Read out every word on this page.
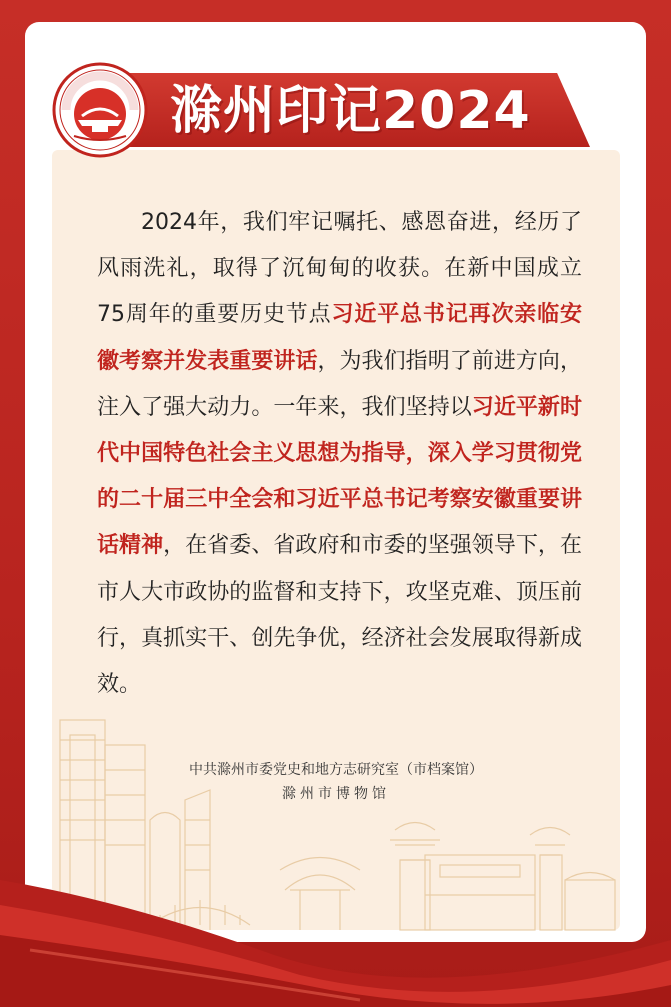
滁州印记2024
2024年，我们牢记嘱托、感恩奋进，经历了风雨洗礼，取得了沉甸甸的收获。在新中国成立75周年的重要历史节点习近平总书记再次亲临安徽考察并发表重要讲话，为我们指明了前进方向，注入了强大动力。一年来，我们坚持以习近平新时代中国特色社会主义思想为指导，深入学习贯彻党的二十届三中全会和习近平总书记考察安徽重要讲话精神，在省委、省政府和市委的坚强领导下，在市人大市政协的监督和支持下，攻坚克难、顶压前行，真抓实干、创先争优，经济社会发展取得新成效。
中共滁州市委党史和地方志研究室（市档案馆）
滁州市博物馆
